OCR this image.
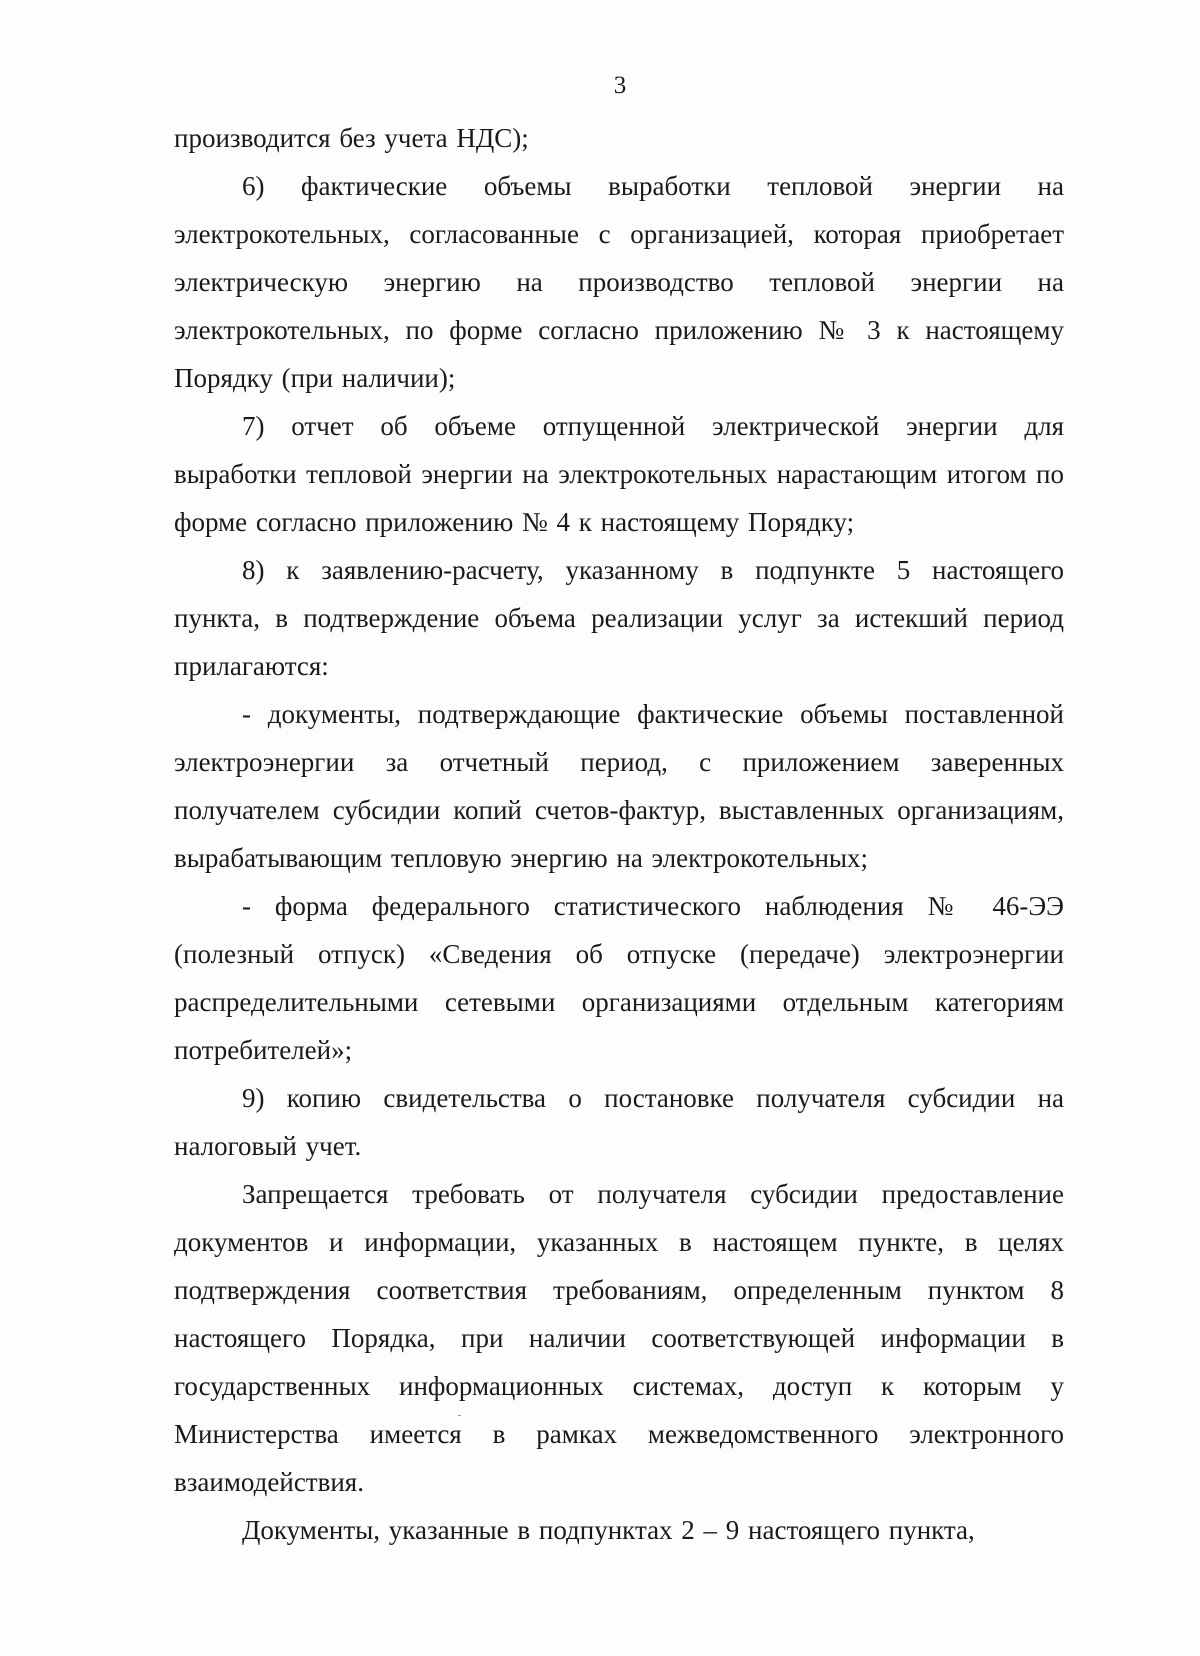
3

производится без учета НДС);

6) фактические объемы выработки тепловой энергии на электрокотельных, согласованные с организацией, которая приобретает электрическую энергию на производство тепловой энергии на электрокотельных, по форме согласно приложению № 3 к настоящему Порядку (при наличии);

7) отчет об объеме отпущенной электрической энергии для выработки тепловой энергии на электрокотельных нарастающим итогом по форме согласно приложению № 4 к настоящему Порядку;

8) к заявлению-расчету, указанному в подпункте 5 настоящего пункта, в подтверждение объема реализации услуг за истекший период прилагаются:

- документы, подтверждающие фактические объемы поставленной электроэнергии за отчетный период, с приложением заверенных получателем субсидии копий счетов-фактур, выставленных организациям, вырабатывающим тепловую энергию на электрокотельных;

- форма федерального статистического наблюдения № 46-ЭЭ (полезный отпуск) «Сведения об отпуске (передаче) электроэнергии распределительными сетевыми организациями отдельным категориям потребителей»;

9) копию свидетельства о постановке получателя субсидии на налоговый учет.

Запрещается требовать от получателя субсидии предоставление документов и информации, указанных в настоящем пункте, в целях подтверждения соответствия требованиям, определенным пунктом 8 настоящего Порядка, при наличии соответствующей информации в государственных информационных системах, доступ к которым у Министерства имеется в рамках межведомственного электронного взаимодействия.

Документы, указанные в подпунктах 2 – 9 настоящего пункта,
